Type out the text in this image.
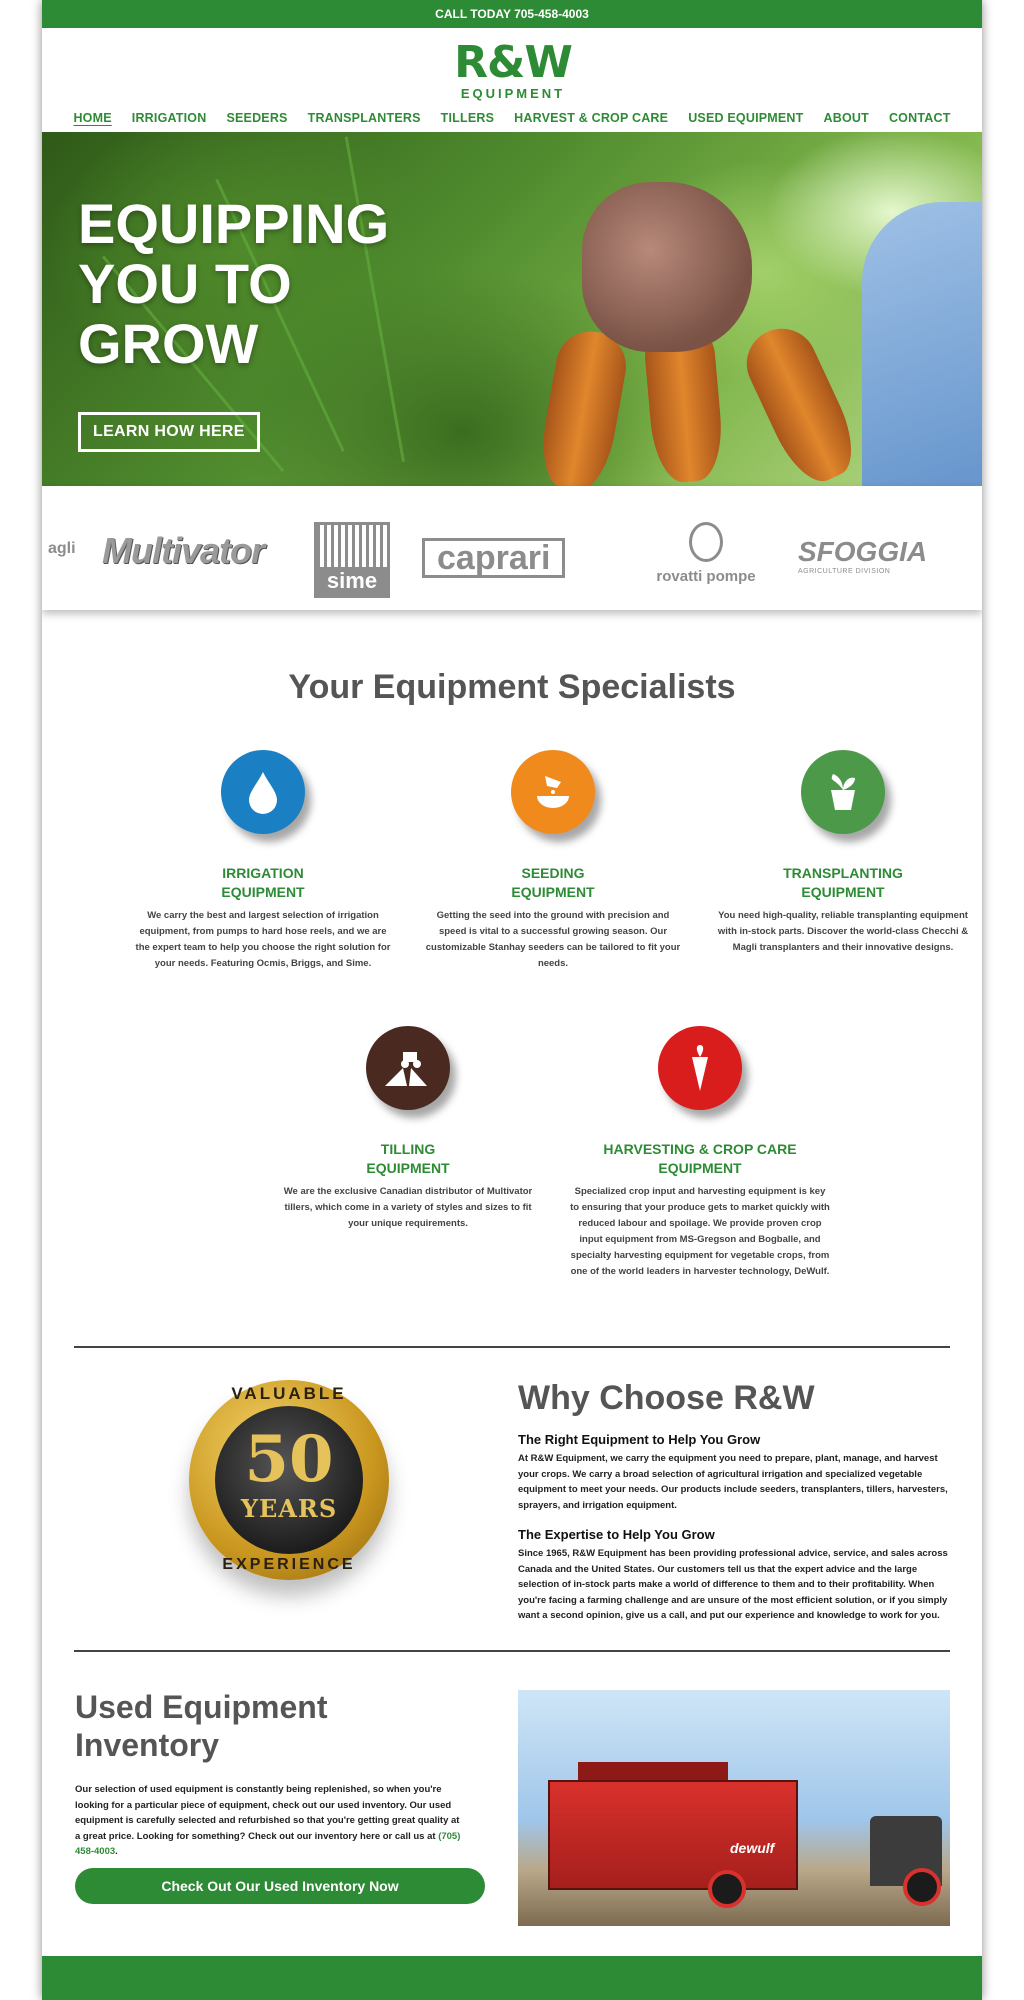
CALL TODAY 705-458-4003
R&W
EQUIPMENT
HOME	IRRIGATION	SEEDERS	TRANSPLANTERS	TILLERS	HARVEST & CROP CARE	USED EQUIPMENT	ABOUT	CONTACT
EQUIPPING
YOU TO
GROW
LEARN HOW HERE
agli Multivator
sime
caprari	rovatti pompe
SFOGGIA
AGRICULTURE DIVISION
Your Equipment Specialists
IRRIGATION
EQUIPMENT

We carry the best and largest selection of irrigation equipment, from pumps to hard hose reels, and we are the expert team to help you choose the right solution for your needs. Featuring Ocmis, Briggs, and Sime.

SEEDING
EQUIPMENT

Getting the seed into the ground with precision and speed is vital to a successful growing season. Our customizable Stanhay seeders can be tailored to fit your needs.

TRANSPLANTING
EQUIPMENT

You need high-quality, reliable transplanting equipment with in-stock parts. Discover the world-class Checchi & Magli transplanters and their innovative designs.

TILLING
EQUIPMENT

We are the exclusive Canadian distributor of Multivator tillers, which come in a variety of styles and sizes to fit your unique requirements.

HARVESTING & CROP CARE
EQUIPMENT

Specialized crop input and harvesting equipment is key to ensuring that your produce gets to market quickly with reduced labour and spoilage. We provide proven crop input equipment from MS-Gregson and Bogballe, and specialty harvesting equipment for vegetable crops, from one of the world leaders in harvester technology, DeWulf.

VALUABLE
50
YEARS
EXPERIENCE
Why Choose R&W
The Right Equipment to Help You Grow

At R&W Equipment, we carry the equipment you need to prepare, plant, manage, and harvest your crops. We carry a broad selection of agricultural irrigation and specialized vegetable equipment to meet your needs. Our products include seeders, transplanters, tillers, harvesters, sprayers, and irrigation equipment.

The Expertise to Help You Grow

Since 1965, R&W Equipment has been providing professional advice, service, and sales across Canada and the United States. Our customers tell us that the expert advice and the large selection of in-stock parts make a world of difference to them and to their profitability. When you're facing a farming challenge and are unsure of the most efficient solution, or if you simply want a second opinion, give us a call, and put our experience and knowledge to work for you.

Used Equipment
Inventory

Our selection of used equipment is constantly being replenished, so when you're looking for a particular piece of equipment, check out our used inventory. Our used equipment is carefully selected and refurbished so that you're getting great quality at a great price. Looking for something? Check out our inventory here or call us at (705) 458-4003.

Check Out Our Used Inventory Now
dewulf
